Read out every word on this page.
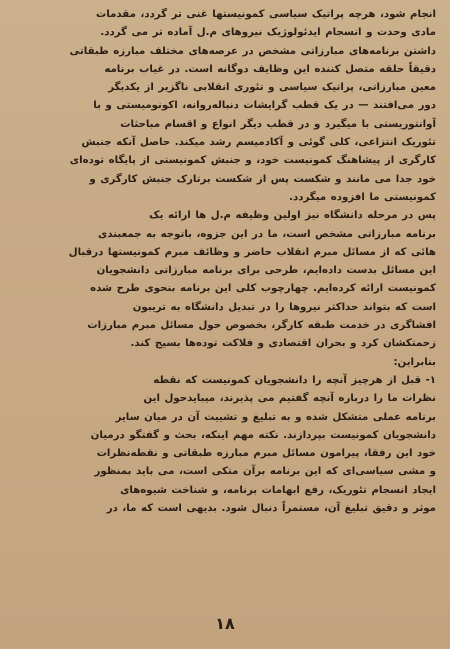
انجام شود، هرچه پراتیک سیاسی کمونیستها غنی تر گردد، مقدمات
مادی وحدت و انسجام ایدئولوژیک نیروهای م.ل آماده تر می گردد.
داشتن برنامه‌های مبارزاتی مشخص در عرصه‌های مختلف مبارزه طبقاتی
دقیقاً حلقه متصل کننده این وظایف دوگانه است. در غیاب برنامه
معین مبارزاتی، پراتیک سیاسی و تئوری انقلابی ناگزیر از یکدیگر
دور می‌افتند — در یک قطب گرایشات دنباله‌روانه، اکونومیستی و با
آوانتوریستی با میگیرد و در قطب دیگر انواع و اقسام مباحثات
تئوریک انتزاعی، کلی گوئی و آکادمیسم رشد میکند. حاصل آنکه جنبش
کارگری از پیشاهنگ کمونیست خود، و جنبش کمونیستی از پایگاه توده‌ای
خود جدا می مانند و شکست پس از شکست برتارک جنبش کارگری و
کمونیستی ما افزوده میگردد.
پس در مرحله دانشگاه نیز اولین وظیفه م.ل ها ارائه یک
برنامه مبارزاتی مشخص است، ما در این جزوه، باتوجه به جمعبندی
هائی که از مسائل مبرم انقلاب حاضر و وظائف مبرم کمونیستها درقبال
این مسائل بدست داده‌ایم، طرحی برای برنامه مبارزاتی دانشجویان
کمونیست ارائه کرده‌ایم. چهارچوب کلی این برنامه بنحوی طرح شده
است که بتواند حداکثر نیروها را در تبدیل دانشگاه به تریبون
افشاگری در خدمت طبقه کارگر، بخصوص حول مسائل مبرم مبارزات
زحمتکشان کرد و بحران اقتصادی و فلاکت توده‌ها بسیج کند.
بنابراین:
۱- قبل از هرچیز آنچه را دانشجویان کمونیست که نقطه
نظرات ما را درباره آنچه گفتیم می پذیرند، میبایدحول این
برنامه عملی متشکل شده و به تبلیغ و تشییت آن در میان سایر
دانشجویان کمونیست بپردازند. نکته مهم اینکه، بحث و گفتگو درمیان
خود این رفقا، پیرامون مسائل مبرم مبارزه طبقاتی و نقطه‌نظرات
و مشی سیاسی‌ای که این برنامه برآن متکی است، می باید بمنظور
ایجاد انسجام تئوریک، رفع ابهامات برنامه، و شناخت شیوه‌های
موثر و دقیق تبلیغ آن، مستمراً دنبال شود. بدیهی است که ما، در
۱۸
